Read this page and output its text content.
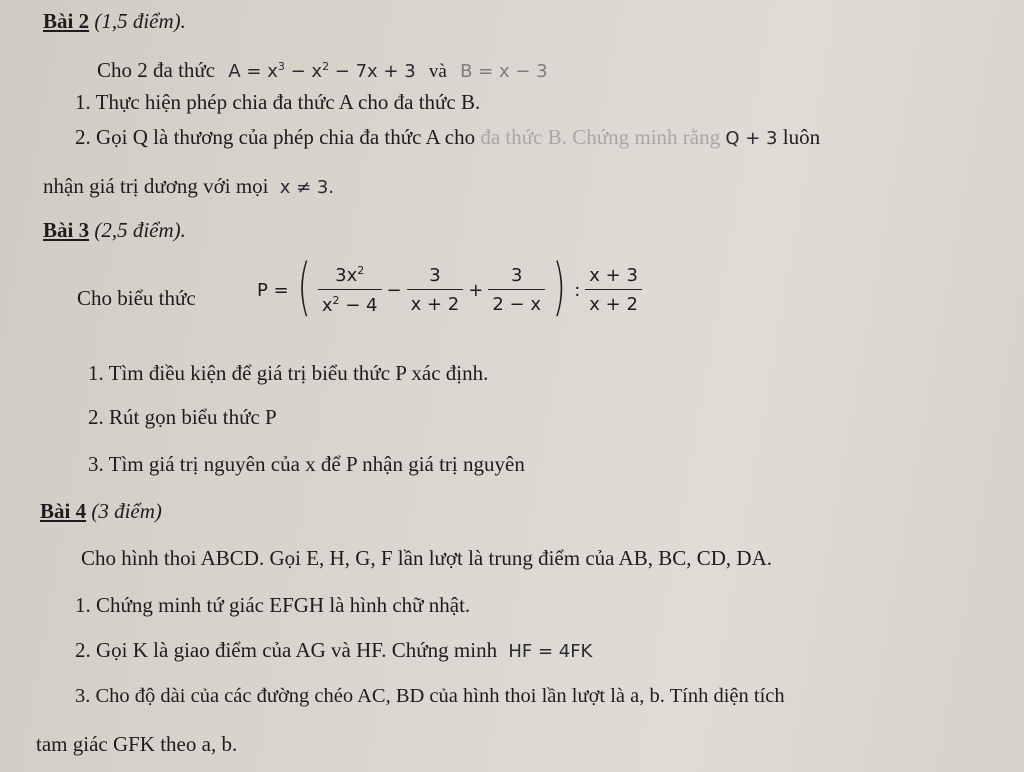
Bài 2 (1,5 điểm).
Cho 2 đa thức $A = x^3 - x^2 - 7x + 3$ và B = x − 3
1. Thực hiện phép chia đa thức A cho đa thức B.
2. Gọi Q là thương của phép chia đa thức A cho đa thức B. Chứng minh rằng Q + 3 luôn
nhận giá trị dương với mọi x ≠ 3.
Bài 3 (2,5 điểm).
Cho biểu thức	P = ( $\frac{3x^2}{x^2 - 4} - \frac{3}{x + 2} + \frac{3}{2 - x}$ ) : $\frac{x + 3}{x + 2}$
1. Tìm điều kiện để giá trị biểu thức P xác định.
2. Rút gọn biểu thức P
3. Tìm giá trị nguyên của x để P nhận giá trị nguyên
Bài 4 (3 điểm)
Cho hình thoi ABCD. Gọi E, H, G, F lần lượt là trung điểm của AB, BC, CD, DA.
1. Chứng minh tứ giác EFGH là hình chữ nhật.
2. Gọi K là giao điểm của AG và HF. Chứng minh HF = 4FK
3. Cho độ dài của các đường chéo AC, BD của hình thoi lần lượt là a, b. Tính diện tích
tam giác GFK theo a, b.
